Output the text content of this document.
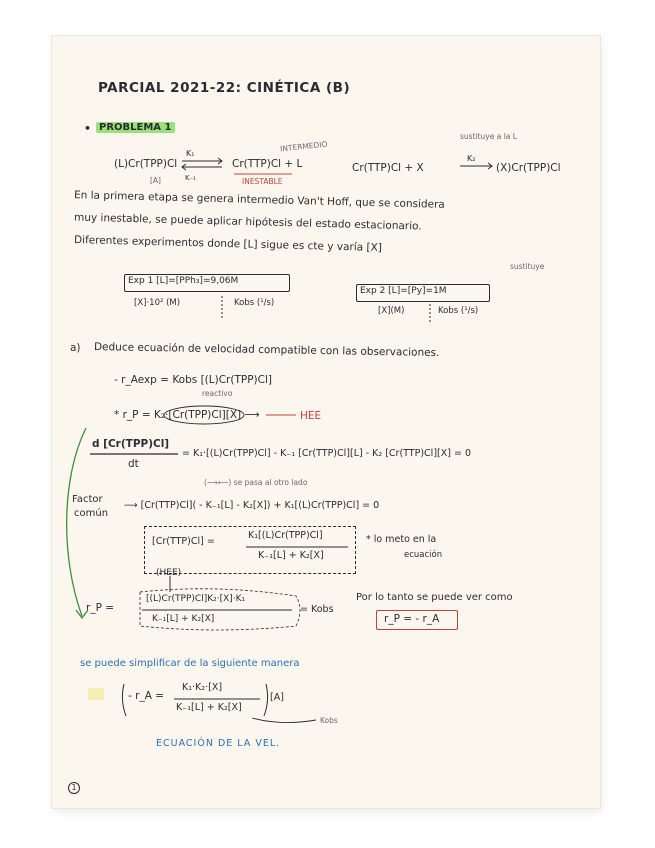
PARCIAL 2021-22: CINÉTICA (B)
• PROBLEMA 1
INTERMEDIO
(L)Cr(TPP)Cl
K₁
K₋₁
Cr(TTP)Cl + L
INESTABLE
[A]
sustituye a la L
Cr(TTP)Cl + X
K₂
(X)Cr(TPP)Cl
En la primera etapa se genera intermedio Van't Hoff, que se considera
muy inestable, se puede aplicar hipótesis del estado estacionario.
Diferentes experimentos donde [L] sigue es cte y varía [X]
sustituye
Exp 1 [L]=[PPh₃]=9,06M
[X]·10² (M)	Kobs (¹/s)
Exp 2 [L]=[Py]=1M
[X](M)	Kobs (¹/s)
a) Deduce ecuación de velocidad compatible con las observaciones.
- r_Aexp = Kobs [(L)Cr(TPP)Cl]
reactivo
* r_P = K₂·[Cr(TPP)Cl][X] ⟶	HEE
d [Cr(TPP)Cl]
dt
= K₁·[(L)Cr(TPP)Cl] - K₋₁ [Cr(TTP)Cl][L] - K₂ [Cr(TTP)Cl][X] = 0
(⟶⟵) se pasa al otro lado
Factor
común
⟶ [Cr(TTP)Cl]( - K₋₁[L] - K₂[X]) + K₁[(L)Cr(TPP)Cl] = 0
[Cr(TTP)Cl] =
K₁[(L)Cr(TPP)Cl]
K₋₁[L] + K₂[X]
* lo meto en la
ecuación
(HEE)
r_P =
[(L)Cr(TPP)Cl]K₂·[X]·K₁
K₋₁[L] + K₂[X]
= Kobs
Por lo tanto se puede ver como
r_P = - r_A
se puede simplificar de la siguiente manera
- r_A =
K₁·K₂·[X]
K₋₁[L] + K₂[X]
[A]
Kobs
ECUACIÓN DE LA VEL.
1
